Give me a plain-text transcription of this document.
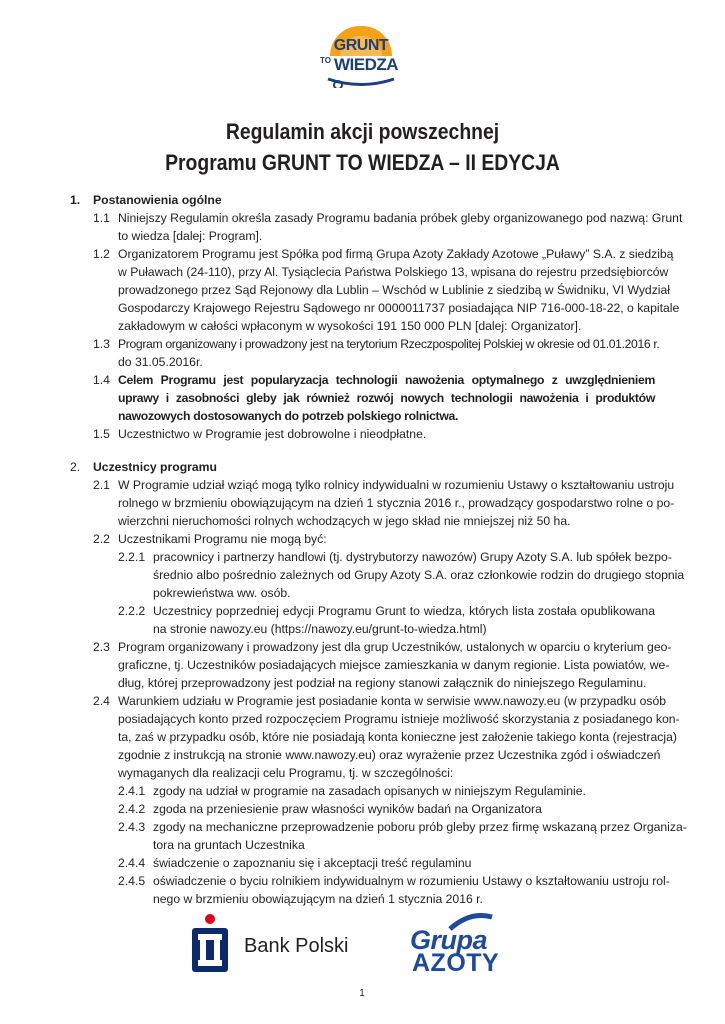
GRUNT
TO WIEDZA
Regulamin akcji powszechnej
Programu GRUNT TO WIEDZA – II EDYCJA
1. Postanowienia ogólne
1.1 Niniejszy Regulamin określa zasady Programu badania próbek gleby organizowanego pod nazwą: Grunt
to wiedza [dalej: Program].
1.2 Organizatorem Programu jest Spółka pod firmą Grupa Azoty Zakłady Azotowe „Puławy” S.A. z siedzibą
w Puławach (24-110), przy Al. Tysiąclecia Państwa Polskiego 13, wpisana do rejestru przedsiębiorców
prowadzonego przez Sąd Rejonowy dla Lublin – Wschód w Lublinie z siedzibą w Świdniku, VI Wydział
Gospodarczy Krajowego Rejestru Sądowego nr 0000011737 posiadająca NIP 716-000-18-22, o kapitale
zakładowym w całości wpłaconym w wysokości 191 150 000 PLN [dalej: Organizator].
1.3 Program organizowany i prowadzony jest na terytorium Rzeczpospolitej Polskiej w okresie od 01.01.2016 r.
do 31.05.2016r.
1.4 Celem Programu jest popularyzacja technologii nawożenia optymalnego z uwzględnieniem
uprawy i zasobności gleby jak również rozwój nowych technologii nawożenia i produktów
nawozowych dostosowanych do potrzeb polskiego rolnictwa.
1.5 Uczestnictwo w Programie jest dobrowolne i nieodpłatne.
2. Uczestnicy programu
2.1 W Programie udział wziąć mogą tylko rolnicy indywidualni w rozumieniu Ustawy o kształtowaniu ustroju
rolnego w brzmieniu obowiązującym na dzień 1 stycznia 2016 r., prowadzący gospodarstwo rolne o po-
wierzchni nieruchomości rolnych wchodzących w jego skład nie mniejszej niż 50 ha.
2.2 Uczestnikami Programu nie mogą być:
2.2.1 pracownicy i partnerzy handlowi (tj. dystrybutorzy nawozów) Grupy Azoty S.A. lub spółek bezpo-
średnio albo pośrednio zależnych od Grupy Azoty S.A. oraz członkowie rodzin do drugiego stopnia
pokrewieństwa ww. osób.
2.2.2 Uczestnicy poprzedniej edycji Programu Grunt to wiedza, których lista została opublikowana
na stronie nawozy.eu (https://nawozy.eu/grunt-to-wiedza.html)
2.3 Program organizowany i prowadzony jest dla grup Uczestników, ustalonych w oparciu o kryterium geo-
graficzne, tj. Uczestników posiadających miejsce zamieszkania w danym regionie. Lista powiatów, we-
dług, której przeprowadzony jest podział na regiony stanowi załącznik do niniejszego Regulaminu.
2.4 Warunkiem udziału w Programie jest posiadanie konta w serwisie www.nawozy.eu (w przypadku osób
posiadających konto przed rozpoczęciem Programu istnieje możliwość skorzystania z posiadanego kon-
ta, zaś w przypadku osób, które nie posiadają konta konieczne jest założenie takiego konta (rejestracja)
zgodnie z instrukcją na stronie www.nawozy.eu) oraz wyrażenie przez Uczestnika zgód i oświadczeń
wymaganych dla realizacji celu Programu, tj. w szczególności:
2.4.1 zgody na udział w programie na zasadach opisanych w niniejszym Regulaminie.
2.4.2 zgoda na przeniesienie praw własności wyników badań na Organizatora
2.4.3 zgody na mechaniczne przeprowadzenie poboru prób gleby przez firmę wskazaną przez Organiza-
tora na gruntach Uczestnika
2.4.4 świadczenie o zapoznaniu się i akceptacji treść regulaminu
2.4.5 oświadczenie o byciu rolnikiem indywidualnym w rozumieniu Ustawy o kształtowaniu ustroju rol-
nego w brzmieniu obowiązującym na dzień 1 stycznia 2016 r.
Bank Polski Grupa
AZOTY
1
